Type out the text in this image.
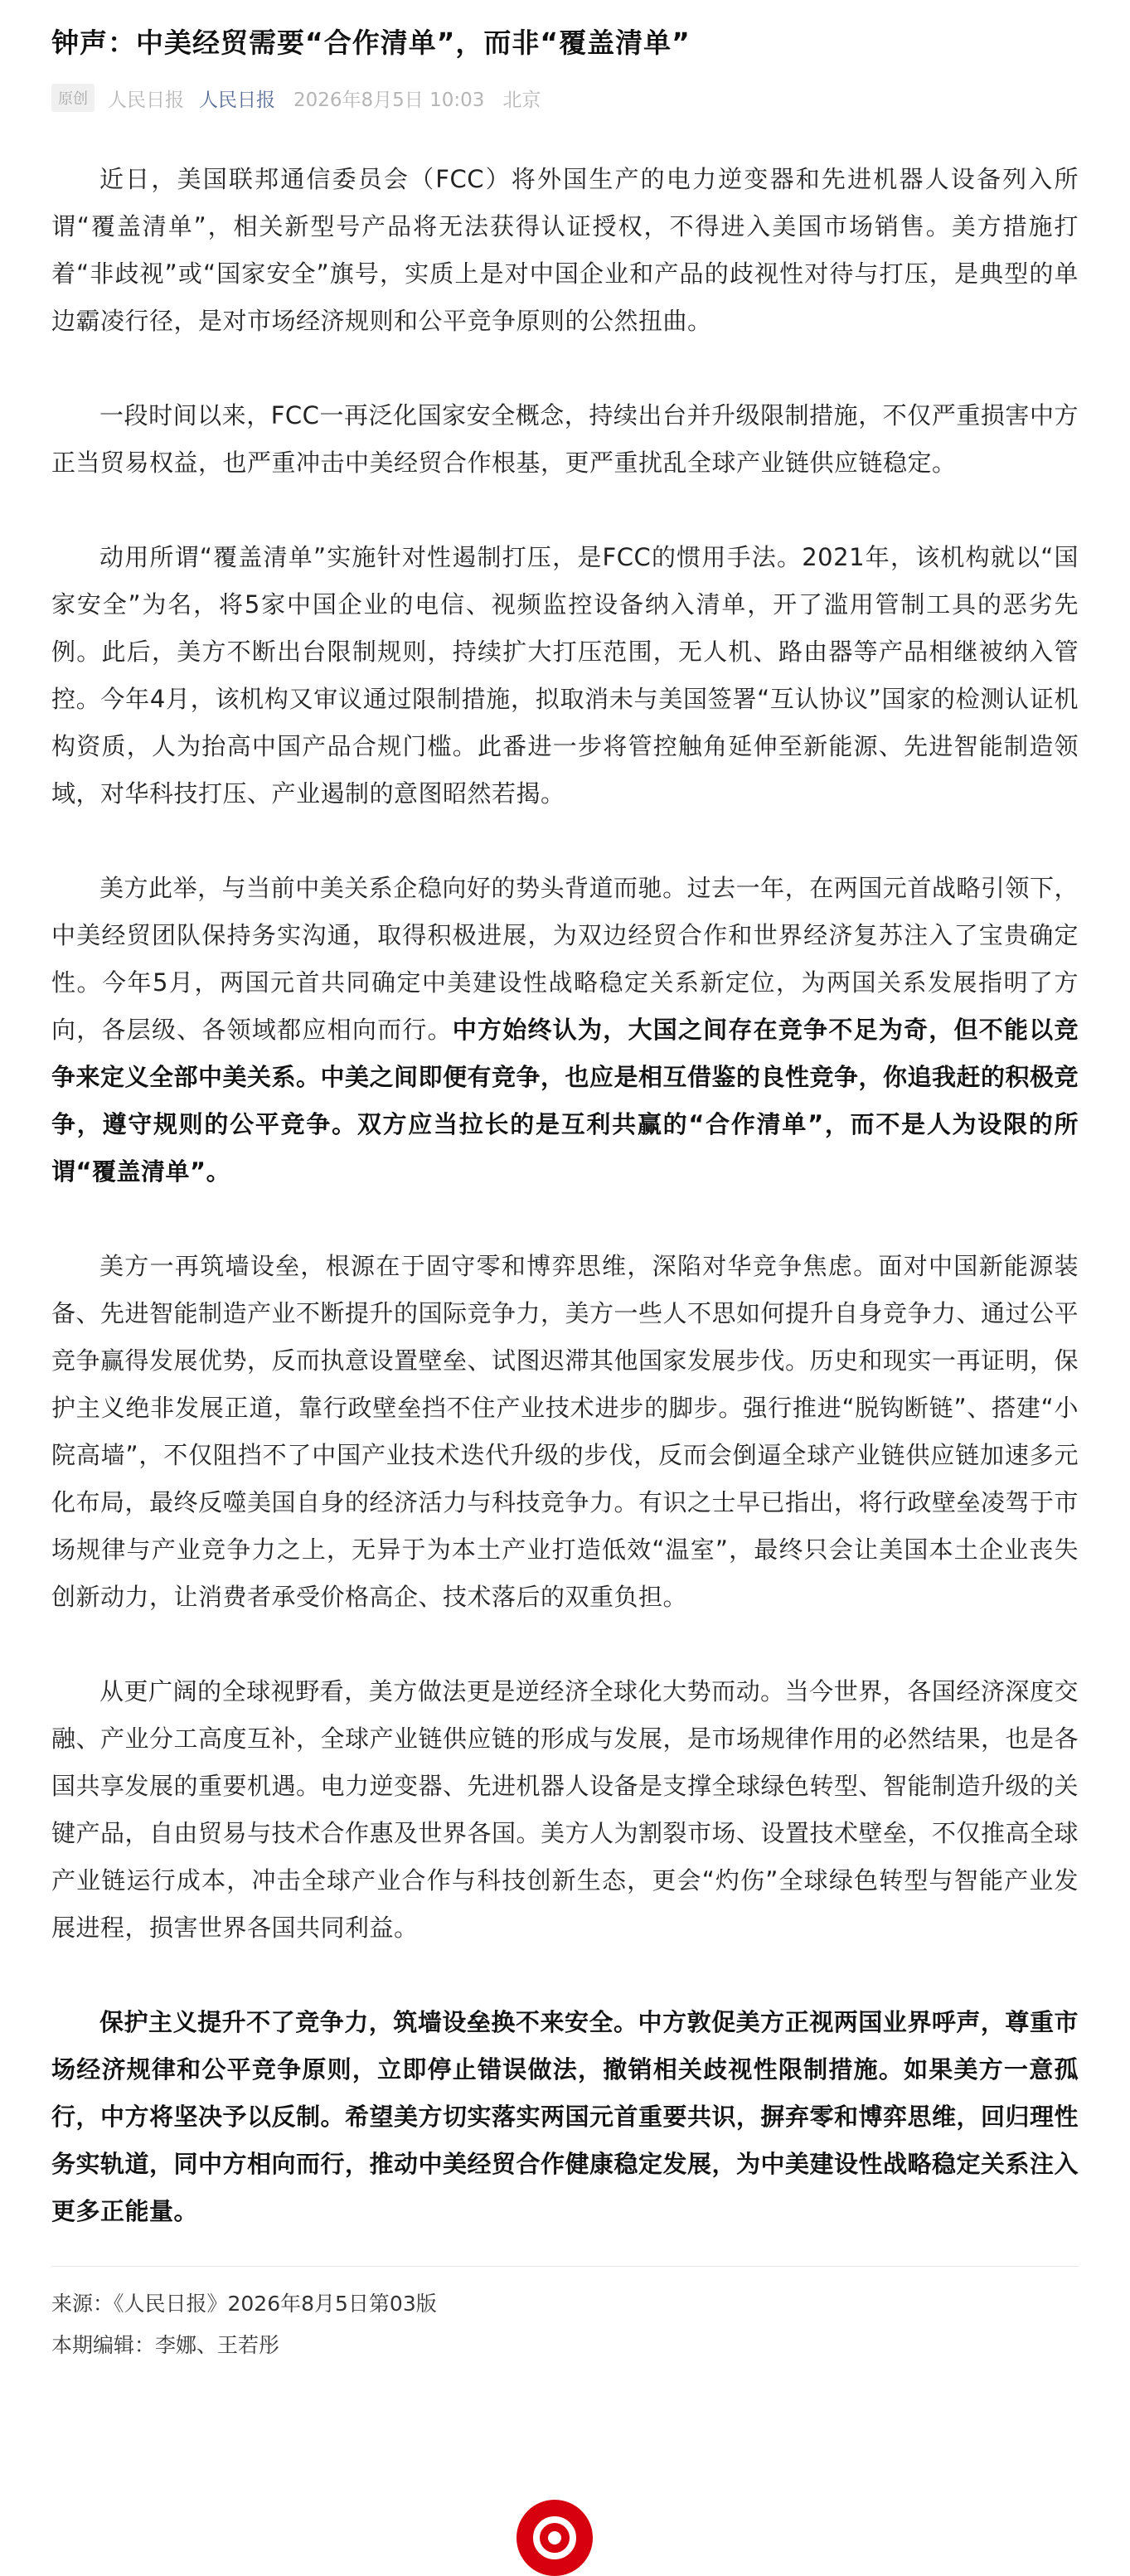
钟声：中美经贸需要“合作清单”，而非“覆盖清单”
原创	人民日报 人民日报 2026年8月5日 10:03 北京

近日，美国联邦通信委员会（FCC）将外国生产的电力逆变器和先进机器人设备列入所谓“覆盖清单”，相关新型号产品将无法获得认证授权，不得进入美国市场销售。美方措施打着“非歧视”或“国家安全”旗号，实质上是对中国企业和产品的歧视性对待与打压，是典型的单边霸凌行径，是对市场经济规则和公平竞争原则的公然扭曲。

一段时间以来，FCC一再泛化国家安全概念，持续出台并升级限制措施，不仅严重损害中方正当贸易权益，也严重冲击中美经贸合作根基，更严重扰乱全球产业链供应链稳定。

动用所谓“覆盖清单”实施针对性遏制打压，是FCC的惯用手法。2021年，该机构就以“国家安全”为名，将5家中国企业的电信、视频监控设备纳入清单，开了滥用管制工具的恶劣先例。此后，美方不断出台限制规则，持续扩大打压范围，无人机、路由器等产品相继被纳入管控。今年4月，该机构又审议通过限制措施，拟取消未与美国签署“互认协议”国家的检测认证机构资质，人为抬高中国产品合规门槛。此番进一步将管控触角延伸至新能源、先进智能制造领域，对华科技打压、产业遏制的意图昭然若揭。

美方此举，与当前中美关系企稳向好的势头背道而驰。过去一年，在两国元首战略引领下，中美经贸团队保持务实沟通，取得积极进展，为双边经贸合作和世界经济复苏注入了宝贵确定性。今年5月，两国元首共同确定中美建设性战略稳定关系新定位，为两国关系发展指明了方向，各层级、各领域都应相向而行。中方始终认为，大国之间存在竞争不足为奇，但不能以竞争来定义全部中美关系。中美之间即便有竞争，也应是相互借鉴的良性竞争，你追我赶的积极竞争，遵守规则的公平竞争。双方应当拉长的是互利共赢的“合作清单”，而不是人为设限的所谓“覆盖清单”。

美方一再筑墙设垒，根源在于固守零和博弈思维，深陷对华竞争焦虑。面对中国新能源装备、先进智能制造产业不断提升的国际竞争力，美方一些人不思如何提升自身竞争力、通过公平竞争赢得发展优势，反而执意设置壁垒、试图迟滞其他国家发展步伐。历史和现实一再证明，保护主义绝非发展正道，靠行政壁垒挡不住产业技术进步的脚步。强行推进“脱钩断链”、搭建“小院高墙”，不仅阻挡不了中国产业技术迭代升级的步伐，反而会倒逼全球产业链供应链加速多元化布局，最终反噬美国自身的经济活力与科技竞争力。有识之士早已指出，将行政壁垒凌驾于市场规律与产业竞争力之上，无异于为本土产业打造低效“温室”，最终只会让美国本土企业丧失创新动力，让消费者承受价格高企、技术落后的双重负担。

从更广阔的全球视野看，美方做法更是逆经济全球化大势而动。当今世界，各国经济深度交融、产业分工高度互补，全球产业链供应链的形成与发展，是市场规律作用的必然结果，也是各国共享发展的重要机遇。电力逆变器、先进机器人设备是支撑全球绿色转型、智能制造升级的关键产品，自由贸易与技术合作惠及世界各国。美方人为割裂市场、设置技术壁垒，不仅推高全球产业链运行成本，冲击全球产业合作与科技创新生态，更会“灼伤”全球绿色转型与智能产业发展进程，损害世界各国共同利益。

保护主义提升不了竞争力，筑墙设垒换不来安全。中方敦促美方正视两国业界呼声，尊重市场经济规律和公平竞争原则，立即停止错误做法，撤销相关歧视性限制措施。如果美方一意孤行，中方将坚决予以反制。希望美方切实落实两国元首重要共识，摒弃零和博弈思维，回归理性务实轨道，同中方相向而行，推动中美经贸合作健康稳定发展，为中美建设性战略稳定关系注入更多正能量。

来源：《人民日报》2026年8月5日第03版
本期编辑：李娜、王若彤
